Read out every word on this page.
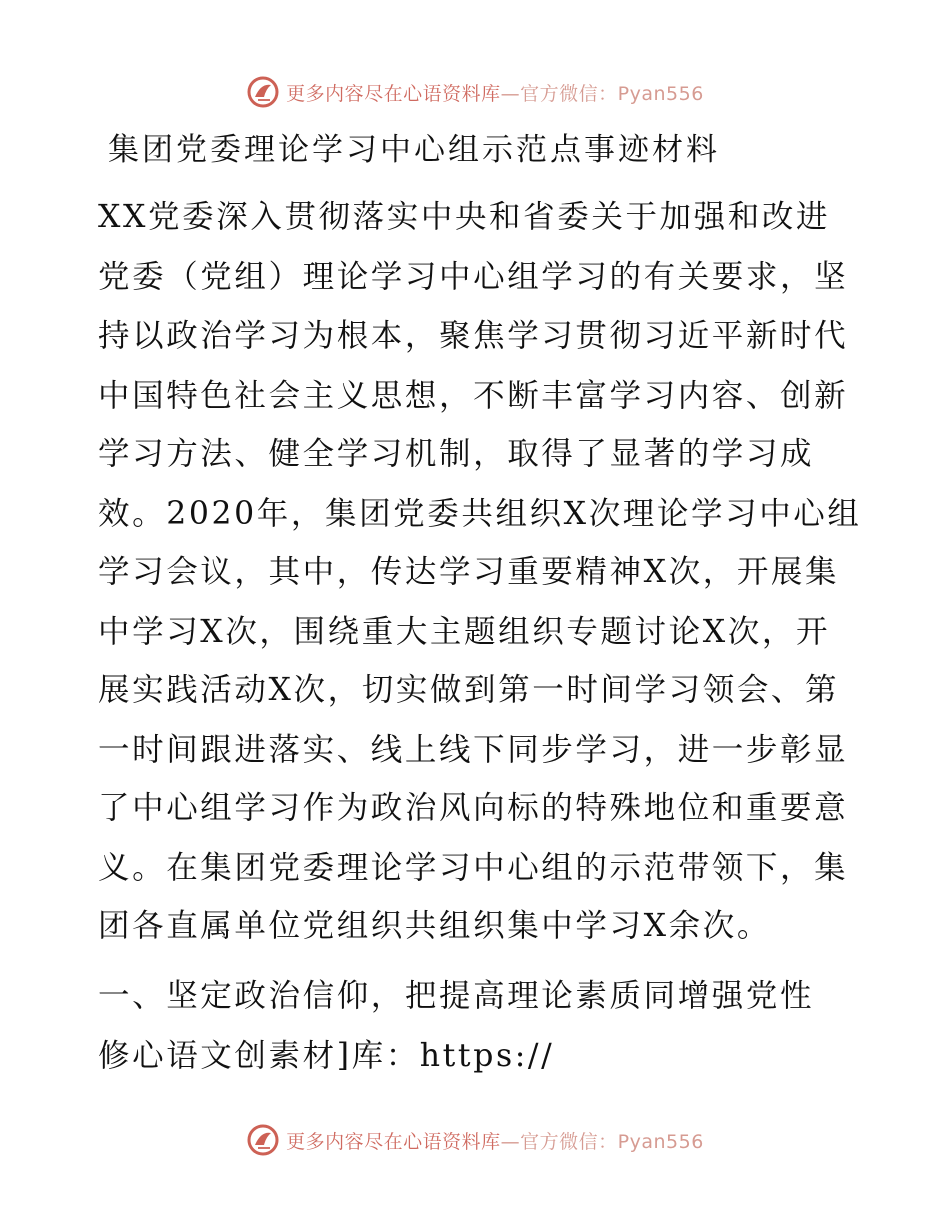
更多内容尽在心语资料库—官方微信：Pyan556
集团党委理论学习中心组示范点事迹材料

XX党委深入贯彻落实中央和省委关于加强和改进

党委（党组）理论学习中心组学习的有关要求，坚

持以政治学习为根本，聚焦学习贯彻习近平新时代

中国特色社会主义思想，不断丰富学习内容、创新

学习方法、健全学习机制，取得了显著的学习成

效。2020年，集团党委共组织X次理论学习中心组

学习会议，其中，传达学习重要精神X次，开展集

中学习X次，围绕重大主题组织专题讨论X次，开

展实践活动X次，切实做到第一时间学习领会、第

一时间跟进落实、线上线下同步学习，进一步彰显

了中心组学习作为政治风向标的特殊地位和重要意

义。在集团党委理论学习中心组的示范带领下，集

团各直属单位党组织共组织集中学习X余次。

一、坚定政治信仰，把提高理论素质同增强党性

修心语文创素材]库：https://

更多内容尽在心语资料库—官方微信：Pyan556
